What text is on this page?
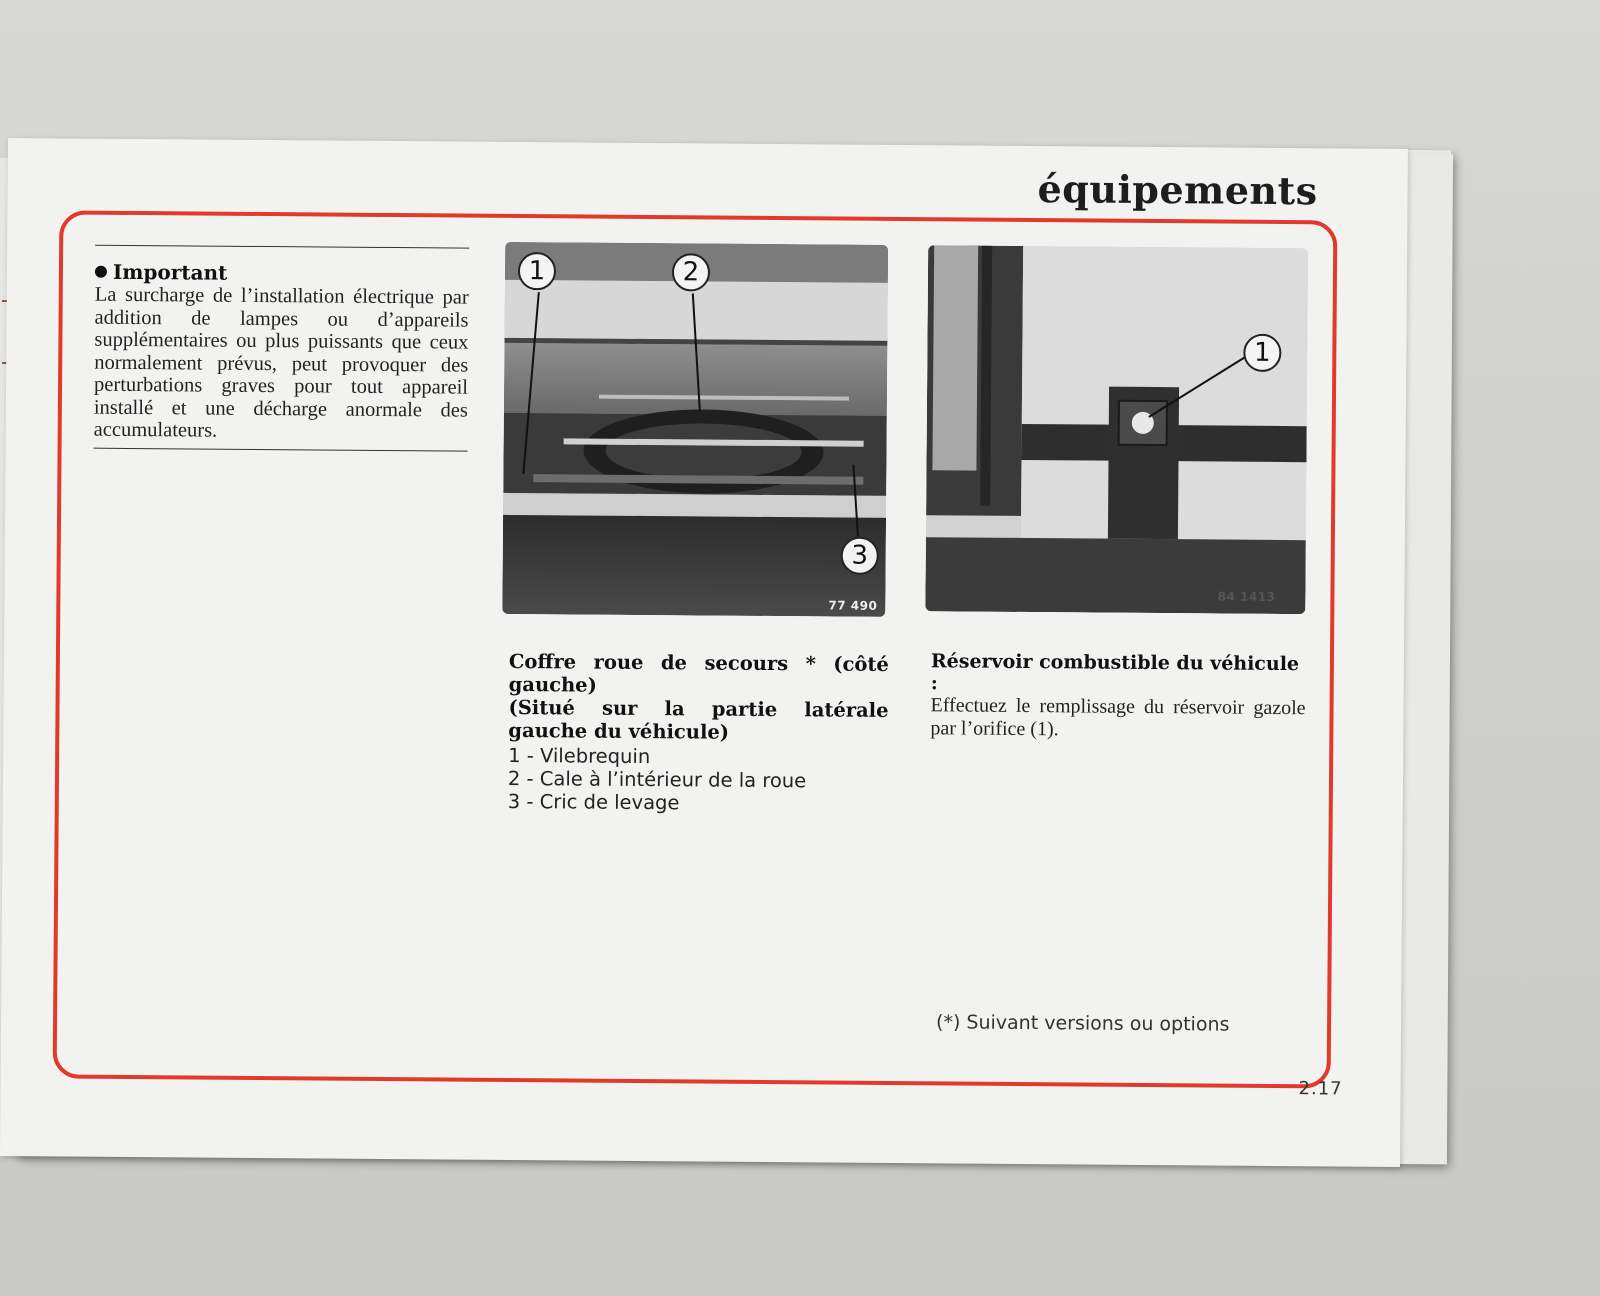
équipements
Important

La surcharge de l’installation électrique par addition de lampes ou d’appareils supplémentaires ou plus puissants que ceux normalement prévus, peut provoquer des perturbations graves pour tout appareil installé et une décharge anormale des accumulateurs.

1	2
3
77 490
1
84 1413
Coffre roue de secours * (côté gauche)
(Situé sur la partie latérale gauche du véhicule)
1 - Vilebrequin
2 - Cale à l’intérieur de la roue
3 - Cric de levage
Réservoir combustible du véhicule :
Effectuez le remplissage du réservoir gazole par l’orifice (1).
(*) Suivant versions ou options
2.17
